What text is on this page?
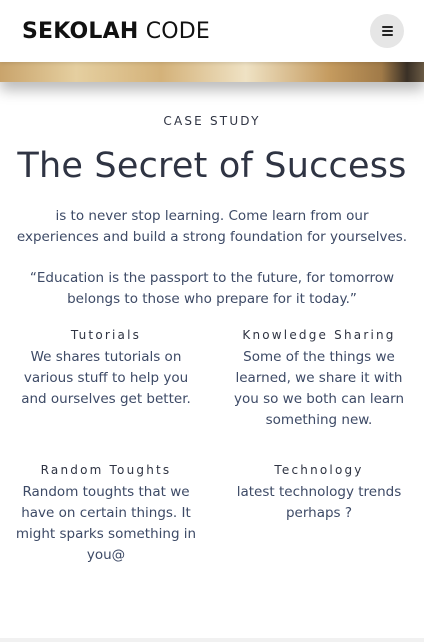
SEKOLAH CODE
CASE STUDY
The Secret of Success

is to never stop learning. Come learn from our experiences and build a strong foundation for yourselves.

“Education is the passport to the future, for tomorrow belongs to those who prepare for it today.”

Tutorials

We shares tutorials on various stuff to help you and ourselves get better.

Knowledge Sharing

Some of the things we learned, we share it with you so we both can learn something new.

Random Toughts

Random toughts that we have on certain things. It might sparks something in you@

Technology

latest technology trends perhaps ?
